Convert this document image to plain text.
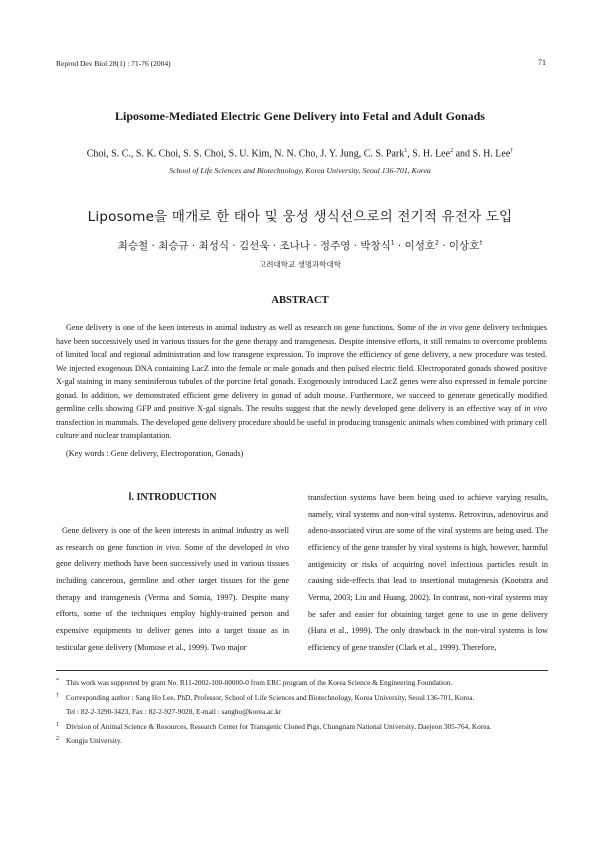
Reprod Dev Biol 28(1) : 71-76 (2004)	71
Liposome-Mediated Electric Gene Delivery into Fetal and Adult Gonads
Choi, S. C., S. K. Choi, S. S. Choi, S. U. Kim, N. N. Cho, J. Y. Jung, C. S. Park$^1$, S. H. Lee$^2$ and S. H. Lee†
School of Life Sciences and Biotechnology, Korea University, Seoul 136-701, Korea
Liposome을 매개로 한 태아 및 웅성 생식선으로의 전기적 유전자 도입
최승철 · 최승규 · 최성식 · 김선욱 · 조나나 · 정주영 · 박창식$^1$ · 이성호$^2$ · 이상호†
고려대학교 생명과학대학
ABSTRACT

Gene delivery is one of the keen interests in animal industry as well as research on gene functions. Some of the in vivo gene delivery techniques have been successively used in various tissues for the gene therapy and transgenesis. Despite intensive efforts, it still remains to overcome problems of limited local and regional administration and low transgene expression. To improve the efficiency of gene delivery, a new procedure was tested. We injected exogenous DNA containing LacZ into the female or male gonads and then pulsed electric field. Electroporated gonads showed positive X-gal staining in many seminiferous tubules of the porcine fetal gonads. Exogenously introduced LacZ genes were also expressed in female porcine gonad. In addition, we demonstrated efficient gene delivery in gonad of adult mouse. Furthermore, we succeed to generate genetically modified germline cells showing GFP and positive X-gal signals. The results suggest that the newly developed gene delivery is an effective way of in vivo transfection in mammals. The developed gene delivery procedure should be useful in producing transgenic animals when combined with primary cell culture and nuclear transplantation.

(Key words : Gene delivery, Electroporation, Gonads)
Ⅰ. INTRODUCTION

Gene delivery is one of the keen interests in animal industry as well as research on gene function in vivo. Some of the developed in vivo gene delivery methods have been successively used in various tissues including cancerous, germline and other target tissues for the gene therapy and transgenesis (Verma and Somia, 1997). Despite many efforts, some of the techniques employ highly-trained person and expensive equipments to deliver genes into a target tissue as in testicular gene delivery (Momose et al., 1999). Two major

transfection systems have been being used to achieve varying results, namely, viral systems and non-viral systems. Retrovirus, adenovirus and adeno-associated virus are some of the viral systems are being used. The efficiency of the gene transfer by viral systems is high, however, harmful antigenicity or risks of acquiring novel infectious particles result in causing side-effects that lead to insertional mutagenesis (Kootstra and Verma, 2003; Liu and Huang, 2002). In contrast, non-viral systems may be safer and easier for obtaining target gene to use in gene delivery (Hara et al., 1999). The only drawback in the non-viral systems is low efficiency of gene transfer (Clark et al., 1999). Therefore,

* This work was supported by grant No. R11-2002-100-00000-0 from ERC program of the Korea Science & Engineering Foundation.
† Corresponding author : Sang Ho Lee, PhD, Professor, School of Life Sciences and Biotechnology, Korea University, Seoul 136-701, Korea.
Tel : 82-2-3290-3423, Fax : 82-2-927-9028, E-mail : sangho@korea.ac.kr
1 Division of Animal Science & Resources, Research Center for Transgenic Cloned Pigs, Chungnam National University, Daejeon 305-764, Korea.
2 Kongju University.
